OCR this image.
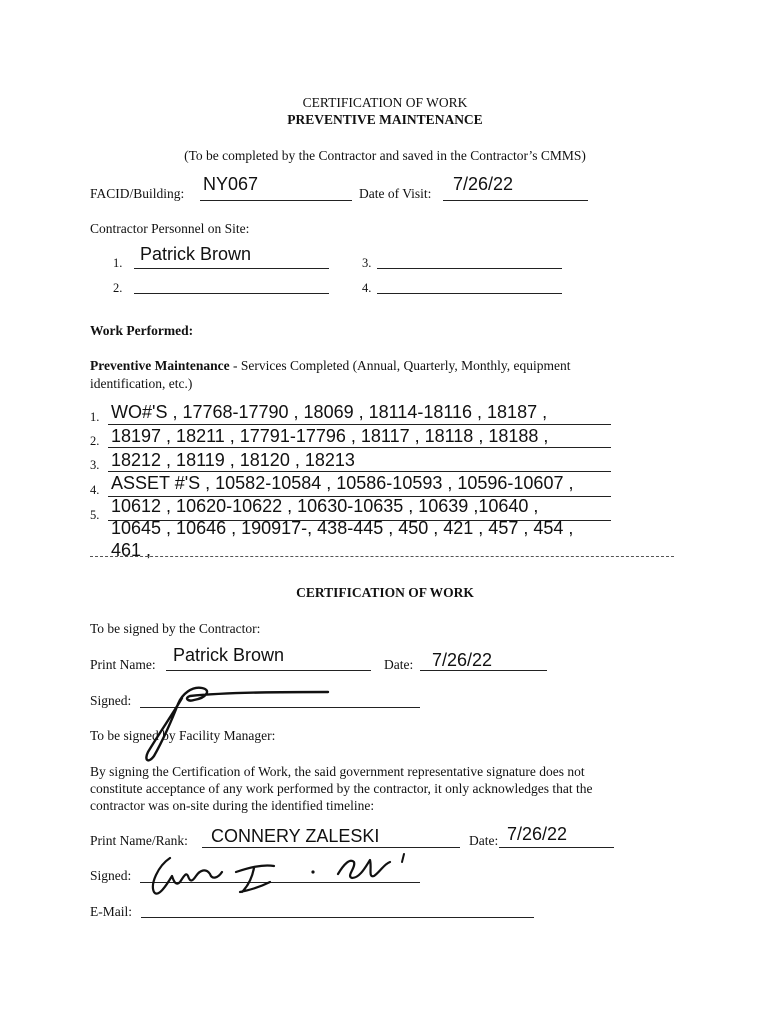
CERTIFICATION OF WORK
PREVENTIVE MAINTENANCE
(To be completed by the Contractor and saved in the Contractor’s CMMS)
FACID/Building: NY067	Date of Visit: 7/26/22
Contractor Personnel on Site:
1. Patrick Brown
2.
3.
4.
Work Performed:
Preventive Maintenance - Services Completed (Annual, Quarterly, Monthly, equipment
identification, etc.)
1.
2.
3.
4.
5.
WO#'S , 17768-17790 , 18069 , 18114-18116 , 18187 ,
18197 , 18211 , 17791-17796 , 18117 , 18118 , 18188 ,
18212 , 18119 , 18120 , 18213
ASSET #'S , 10582-10584 , 10586-10593 , 10596-10607 ,
10612 , 10620-10622 , 10630-10635 , 10639 ,10640 ,
10645 , 10646 , 190917-, 438-445 , 450 , 421 , 457 , 454 ,
461 ,
CERTIFICATION OF WORK
To be signed by the Contractor:
Print Name: Patrick Brown	Date: 7/26/22
Signed:
To be signed by Facility Manager:
By signing the Certification of Work, the said government representative signature does not
constitute acceptance of any work performed by the contractor, it only acknowledges that the
contractor was on-site during the identified timeline:
Print Name/Rank: CONNERY ZALESKI	Date: 7/26/22
Signed:
E-Mail:
